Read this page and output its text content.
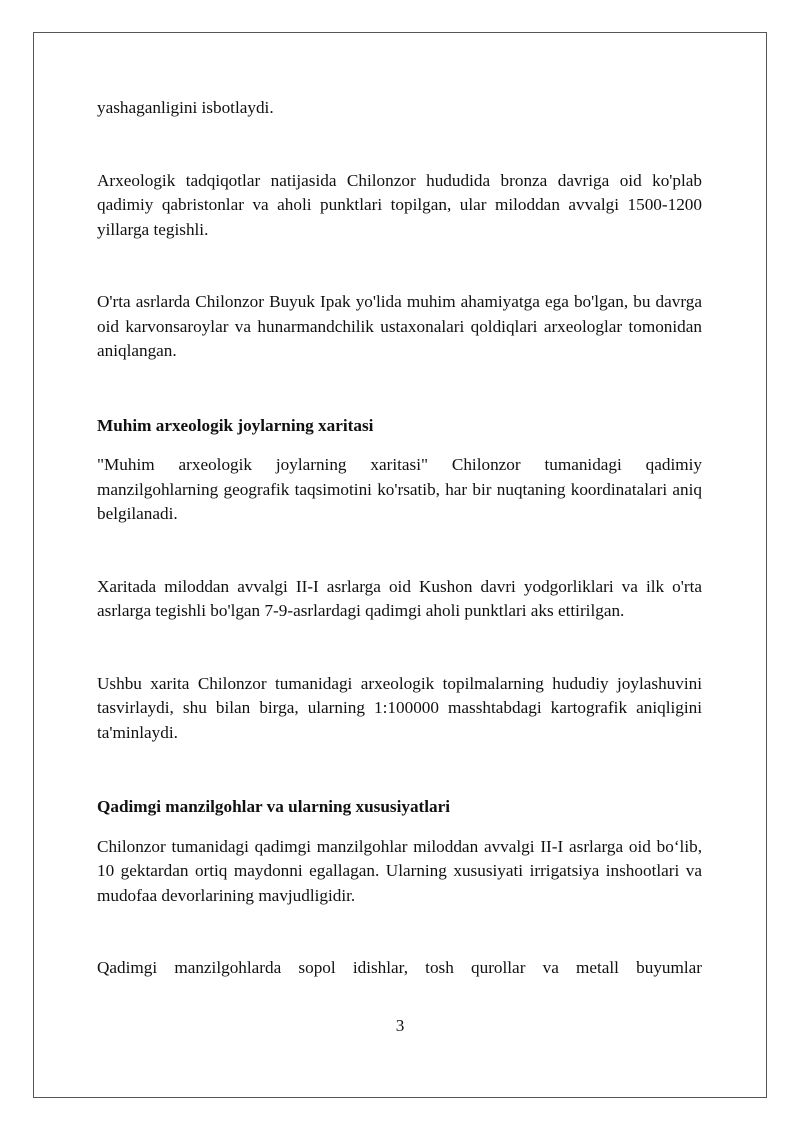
yashaganligini isbotlaydi.

Arxeologik tadqiqotlar natijasida Chilonzor hududida bronza davriga oid ko'plab qadimiy qabristonlar va aholi punktlari topilgan, ular miloddan avvalgi 1500-1200 yillarga tegishli.

O'rta asrlarda Chilonzor Buyuk Ipak yo'lida muhim ahamiyatga ega bo'lgan, bu davrga oid karvonsaroylar va hunarmandchilik ustaxonalari qoldiqlari arxeologlar tomonidan aniqlangan.

Muhim arxeologik joylarning xaritasi

"Muhim arxeologik joylarning xaritasi" Chilonzor tumanidagi qadimiy manzilgohlarning geografik taqsimotini ko'rsatib, har bir nuqtaning koordinatalari aniq belgilanadi.

Xaritada miloddan avvalgi II-I asrlarga oid Kushon davri yodgorliklari va ilk o'rta asrlarga tegishli bo'lgan 7-9-asrlardagi qadimgi aholi punktlari aks ettirilgan.

Ushbu xarita Chilonzor tumanidagi arxeologik topilmalarning hududiy joylashuvini tasvirlaydi, shu bilan birga, ularning 1:100000 masshtabdagi kartografik aniqligini ta'minlaydi.

Qadimgi manzilgohlar va ularning xususiyatlari

Chilonzor tumanidagi qadimgi manzilgohlar miloddan avvalgi II-I asrlarga oid bo‘lib, 10 gektardan ortiq maydonni egallagan. Ularning xususiyati irrigatsiya inshootlari va mudofaa devorlarining mavjudligidir.

Qadimgi manzilgohlarda sopol idishlar, tosh qurollar va metall buyumlar

3
